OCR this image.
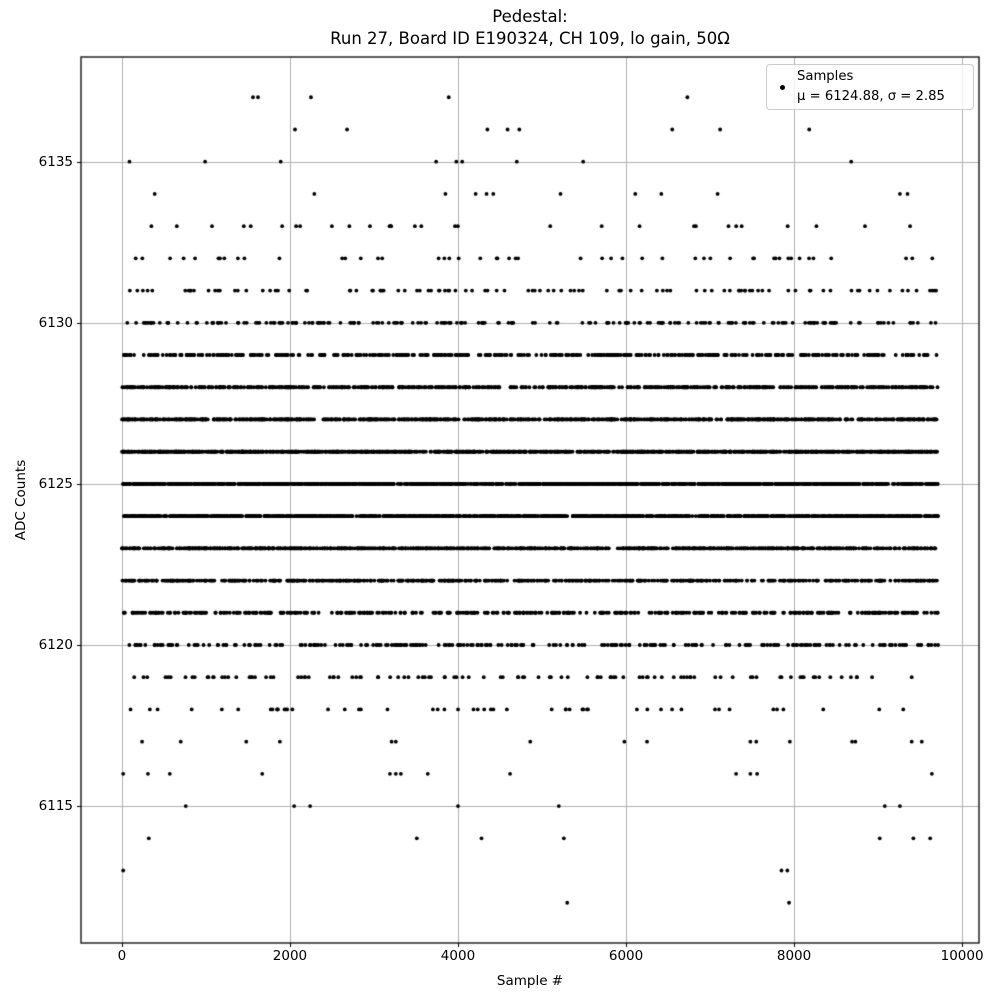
Pedestal:
Run 27, Board ID E190324, CH 109, lo gain, 50Ω
Sample #
ADC Counts
0	2000	4000	6000	8000	10000
6115
6120
6125
6130
6135
Samples
μ = 6124.88, σ = 2.85
